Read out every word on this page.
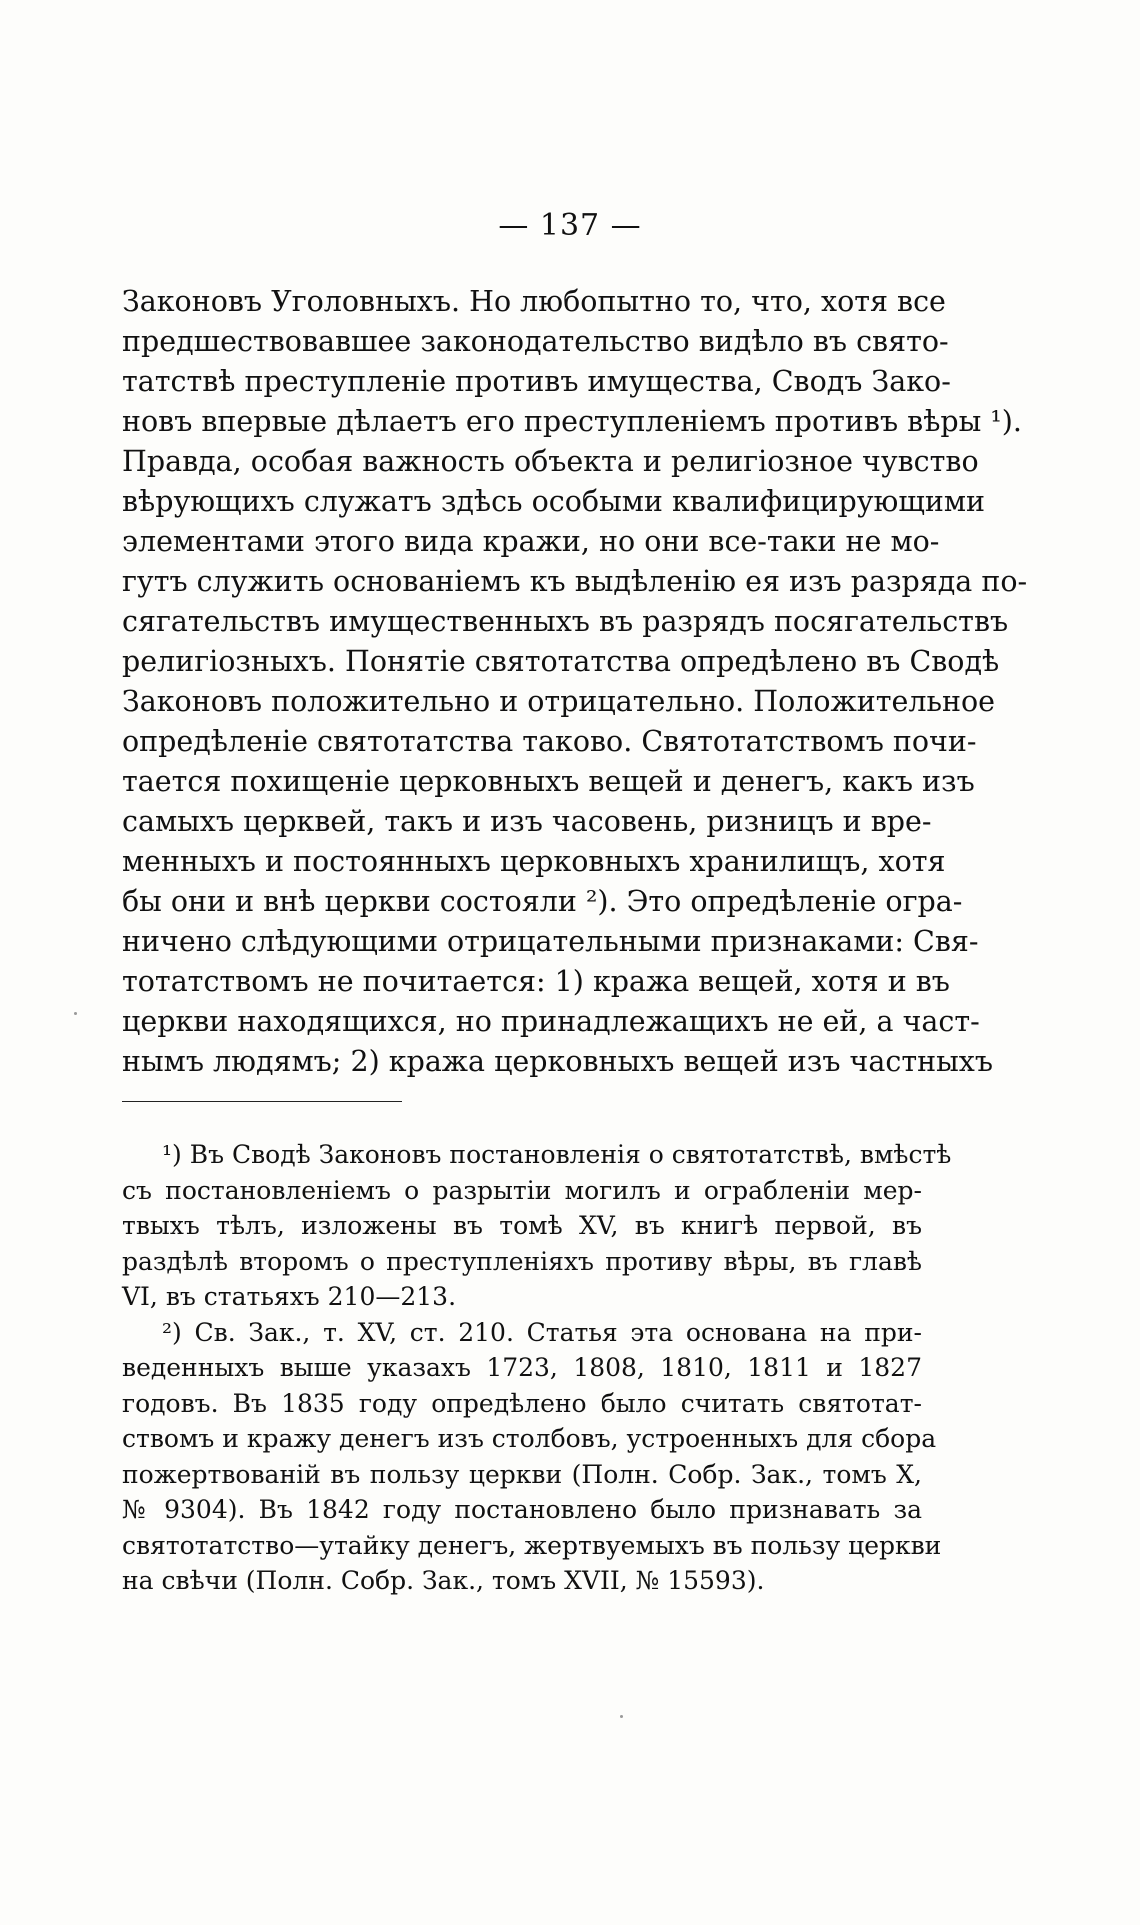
— 137 —
Законовъ Уголовныхъ. Но любопытно то, что, хотя все
предшествовавшее законодательство видѣло въ свято-
татствѣ преступленіе противъ имущества, Сводъ Зако-
новъ впервые дѣлаетъ его преступленіемъ противъ вѣры ¹).
Правда, особая важность объекта и религіозное чувство
вѣрующихъ служатъ здѣсь особыми квалифицирующими
элементами этого вида кражи, но они все-таки не мо-
гутъ служить основаніемъ къ выдѣленію ея изъ разряда по-
сягательствъ имущественныхъ въ разрядъ посягательствъ
религіозныхъ. Понятіе святотатства опредѣлено въ Сводѣ
Законовъ положительно и отрицательно. Положительное
опредѣленіе святотатства таково. Святотатствомъ почи-
тается похищеніе церковныхъ вещей и денегъ, какъ изъ
самыхъ церквей, такъ и изъ часовень, ризницъ и вре-
менныхъ и постоянныхъ церковныхъ хранилищъ, хотя
бы они и внѣ церкви состояли ²). Это опредѣленіе огра-
ничено слѣдующими отрицательными признаками: Свя-
тотатствомъ не почитается: 1) кража вещей, хотя и въ
церкви находящихся, но принадлежащихъ не ей, а част-
нымъ людямъ; 2) кража церковныхъ вещей изъ частныхъ
¹) Въ Сводѣ Законовъ постановленія о святотатствѣ, вмѣстѣ
съ постановленіемъ о разрытіи могилъ и ограбленіи мер-
твыхъ тѣлъ, изложены въ томѣ XV, въ книгѣ первой, въ
раздѣлѣ второмъ о преступленіяхъ противу вѣры, въ главѣ
VI, въ статьяхъ 210—213.
²) Св. Зак., т. XV, ст. 210. Статья эта основана на при-
веденныхъ выше указахъ 1723, 1808, 1810, 1811 и 1827
годовъ. Въ 1835 году опредѣлено было считать святотат-
ствомъ и кражу денегъ изъ столбовъ, устроенныхъ для сбора
пожертвованій въ пользу церкви (Полн. Собр. Зак., томъ X,
№ 9304). Въ 1842 году постановлено было признавать за
святотатство—утайку денегъ, жертвуемыхъ въ пользу церкви
на свѣчи (Полн. Собр. Зак., томъ XVII, № 15593).
